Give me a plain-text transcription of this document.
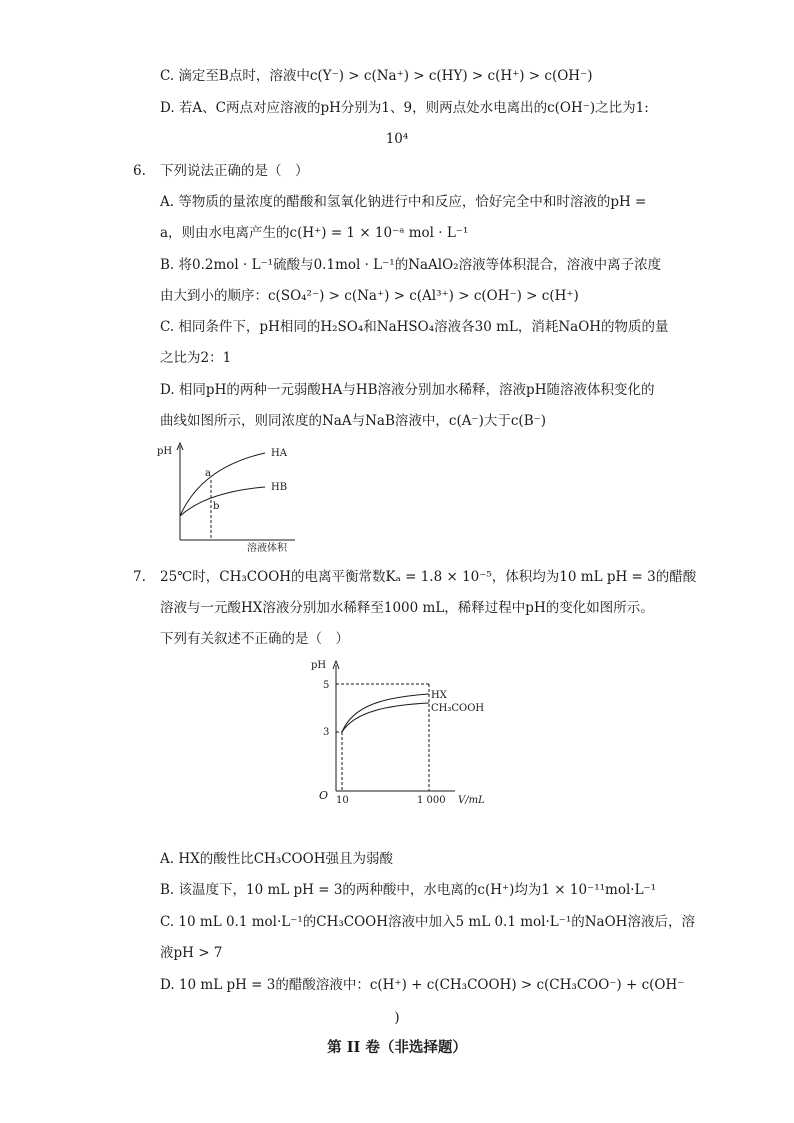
C. 滴定至B点时，溶液中c(Y⁻) > c(Na⁺) > c(HY) > c(H⁺) > c(OH⁻)
D. 若A、C两点对应溶液的pH分别为1、9，则两点处水电离出的c(OH⁻)之比为1:
10⁴
6. 下列说法正确的是（　）
A. 等物质的量浓度的醋酸和氢氧化钠进行中和反应，恰好完全中和时溶液的pH =
a，则由水电离产生的c(H⁺) = 1 × 10⁻ᵃ mol · L⁻¹
B. 将0.2mol · L⁻¹硫酸与0.1mol · L⁻¹的NaAlO₂溶液等体积混合，溶液中离子浓度
由大到小的顺序：c(SO₄²⁻) > c(Na⁺) > c(Al³⁺) > c(OH⁻) > c(H⁺)
C. 相同条件下，pH相同的H₂SO₄和NaHSO₄溶液各30 mL，消耗NaOH的物质的量
之比为2：1
D. 相同pH的两种一元弱酸HA与HB溶液分别加水稀释，溶液pH随溶液体积变化的
曲线如图所示，则同浓度的NaA与NaB溶液中，c(A⁻)大于c(B⁻)
pH	HA
HB
a
b
溶液体积
7. 25℃时，CH₃COOH的电离平衡常数Kₐ = 1.8 × 10⁻⁵，体积均为10 mL pH = 3的醋酸
溶液与一元酸HX溶液分别加水稀释至1000 mL，稀释过程中pH的变化如图所示。
下列有关叙述不正确的是（　）
pH
O
5
3
HX
CH₃COOH
10	1 000 V/mL
A. HX的酸性比CH₃COOH强且为弱酸
B. 该温度下，10 mL pH = 3的两种酸中，水电离的c(H⁺)均为1 × 10⁻¹¹mol·L⁻¹
C. 10 mL 0.1 mol·L⁻¹的CH₃COOH溶液中加入5 mL 0.1 mol·L⁻¹的NaOH溶液后，溶
液pH > 7
D. 10 mL pH = 3的醋酸溶液中：c(H⁺) + c(CH₃COOH) > c(CH₃COO⁻) + c(OH⁻
)
第 II 卷（非选择题）
